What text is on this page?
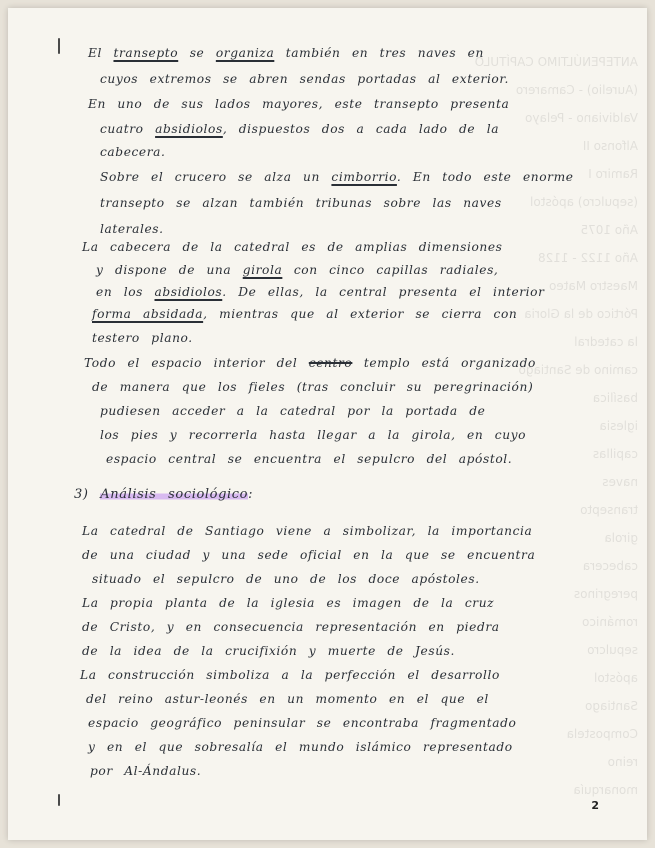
ANTEPENÚLTIMO CAPÍTULO
(Aurelio) - Camarero
Valdiviano - Pelayo
Alfonso II
Ramiro I
(sepulcro) apóstol
Año 1075
Año 1122 - 1128
Maestro Mateo
Pórtico de la Gloria
la catedral
camino de Santiago
basílica
iglesia
capillas
naves
transepto
girola
cabecera
peregrinos
románico
sepulcro
apóstol
Santiago
Compostela
reino
monarquía
El transepto se organiza también en tres naves en
cuyos extremos se abren sendas portadas al exterior.
En uno de sus lados mayores, este transepto presenta
cuatro absidiolos, dispuestos dos a cada lado de la
cabecera.
Sobre el crucero se alza un cimborrio. En todo este enorme
transepto se alzan también tribunas sobre las naves
laterales.
La cabecera de la catedral es de amplias dimensiones
y dispone de una girola con cinco capillas radiales,
en los absidiolos. De ellas, la central presenta el interior
forma absidada, mientras que al exterior se cierra con
testero plano.
Todo el espacio interior del centro templo está organizado
de manera que los fieles (tras concluir su peregrinación)
pudiesen acceder a la catedral por la portada de
los pies y recorrerla hasta llegar a la girola, en cuyo
espacio central se encuentra el sepulcro del apóstol.
3) Análisis sociológico:
La catedral de Santiago viene a simbolizar, la importancia
de una ciudad y una sede oficial en la que se encuentra
situado el sepulcro de uno de los doce apóstoles.
La propia planta de la iglesia es imagen de la cruz
de Cristo, y en consecuencia representación en piedra
de la idea de la crucifixión y muerte de Jesús.
La construcción simboliza a la perfección el desarrollo
del reino astur-leonés en un momento en el que el
espacio geográfico peninsular se encontraba fragmentado
y en el que sobresalía el mundo islámico representado
por Al-Ándalus.
2
